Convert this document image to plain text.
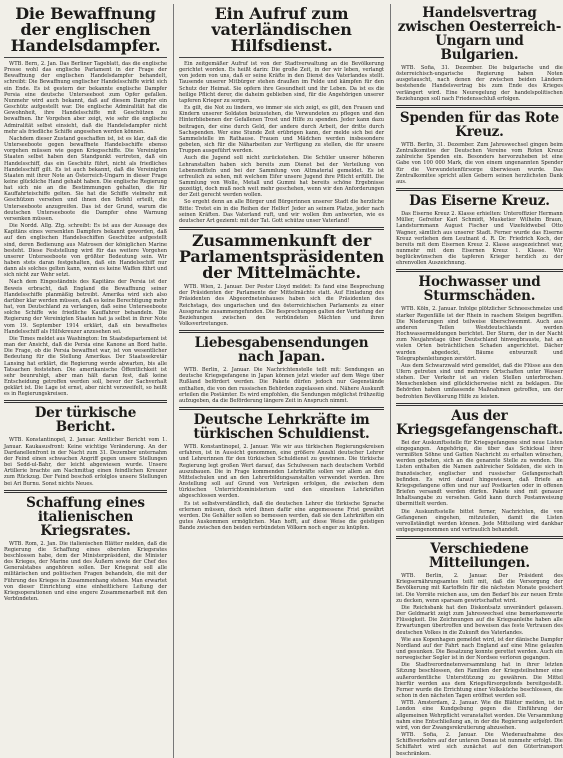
Die Bewaffnung der englischen Handelsdampfer.

WTB. Bern, 2. Jan. Das Berliner Tageblatt, das die englische Presse wohl das englische Parlament in der Frage der Bewaffnung der englischen Handelsdampfer behandelt, schreibt: Die Bewaffnung englischer Handelsschiffe wirkt sich ein Ende. Es ist gestern der bekannte englische Dampfer Persia eine deutsche Unterseeboot zum Opfer gefallen. Nunmehr wird auch bekannt, daß auf diesem Dampfer ein Geschütz aufgestellt war. Die englische Admiralität hat die Gewohnheit, ihre Handelsschiffe mit Geschützen zu bewaffnen. Ihr Vorgehen aber zeigt, wie sehr die englische Admiralität selbst einsieht, daß die Handelsdampfer nicht mehr als friedliche Schiffe angesehen werden können.

Nachdem dieser Zustand geschaffen ist, ist es klar, daß die Unterseeboote gegen bewaffnete Handelsschiffe ebenso vorgehen müssen wie gegen Kriegsschiffe. Die Vereinigten Staaten selbst haben den Standpunkt vertreten, daß ein Handelsschiff, das ein Geschütz führt, nicht als friedliches Handelsschiff gilt. Es ist auch bekannt, daß die Vereinigten Staaten mit ihrer Note an Österreich-Ungarn in dieser Frage keine glückliche Hand gehabt haben. Die englische Regierung hat sich nie an die Bestimmungen gehalten, die für Kauffahrteischiffe gelten. Sie hat die Schiffe vielmehr mit Geschützen versehen und ihnen den Befehl erteilt, die Unterseeboote anzugreifen. Das ist der Grund, warum die deutschen Unterseeboote die Dampfer ohne Warnung versenken müssen.

Die Nordd. Allg. Ztg. schreibt: Es ist aus der Aussage des Kapitäns eines versenkten Dampfers bekannt geworden, daß auf den englischen Handelsschiffen Geschütze aufgestellt sind, deren Bedienung aus Matrosen der königlichen Marine besteht. Diese Feststellung wird für das weitere Vorgehen unserer Unterseeboote von größter Bedeutung sein. Wir haben stets daran festgehalten, daß ein Handelsschiff nur dann als solches gelten kann, wenn es keine Waffen führt und sich nicht zur Wehr setzt.

Nach dem Eingeständnis des Kapitäns der Persia ist der Beweis erbracht, daß England die Bewaffnung seiner Handelsschiffe planmäßig betreibt. Amerika wird sich also darüber klar werden müssen, daß es keine Berechtigung mehr hat, von Deutschland zu verlangen, daß seine Unterseeboote solche Schiffe wie friedliche Kauffahrer behandeln. Die Regierung der Vereinigten Staaten hat ja selbst in ihrer Note vom 19. September 1914 erklärt, daß ein bewaffnetes Handelsschiff als Hilfskreuzer anzusehen sei.

Die Times meldet aus Washington: Im Staatsdepartement ist man der Ansicht, daß die Persia eine Kanone an Bord hatte. Die Frage, ob die Persia bewaffnet war, ist von wesentlicher Bedeutung für die Stellung Amerikas. Der Staatssekretär Lansing hat erklärt, die Regierung werde abwarten, bis alle Tatsachen feststehen. Die amerikanische Öffentlichkeit ist sehr beunruhigt, aber man hält daran fest, daß keine Entscheidung getroffen werden soll, bevor der Sachverhalt geklärt ist. Die Lage ist ernst, aber nicht verzweifelt, so heißt es in Regierungskreisen.

Der türkische Bericht.

WTB. Konstantinopel, 2. Januar. Amtlicher Bericht vom 1. Januar. Kaukasusfront: Keine wichtige Veränderung. An der Dardanellenfront in der Nacht zum 31. Dezember unternahm der Feind einen schwachen Angriff gegen unsere Stellungen bei Sedd-ul-Bahr, der leicht abgewiesen wurde. Unsere Artillerie brachte am Nachmittag einen feindlichen Kreuzer zum Rückzug. Der Feind beschoß erfolglos unsere Stellungen bei Ari Burnu. Sonst nichts Neues.

Schaffung eines italienischen Kriegsrates.

WTB. Rom, 2. Jan. Die italienischen Blätter melden, daß die Regierung die Schaffung eines obersten Kriegsrates beschlossen habe, dem der Ministerpräsident, die Minister des Krieges, der Marine und des Äußern sowie der Chef des Generalstabes angehören sollen. Der Kriegsrat soll alle militärischen und politischen Fragen behandeln, die mit der Führung des Krieges in Zusammenhang stehen. Man erwartet von dieser Einrichtung eine einheitlichere Leitung der Kriegsoperationen und eine engere Zusammenarbeit mit den Verbündeten.

Ein Aufruf zum vaterländischen Hilfsdienst.

Ein zeitgemäßer Aufruf ist von der Stadtverwaltung an die Bevölkerung gerichtet worden. Es heißt darin: Die große Zeit, in der wir leben, verlangt von jedem von uns, daß er seine Kräfte in den Dienst des Vaterlandes stellt. Tausende unserer Mitbürger stehen draußen im Felde und kämpfen für den Schutz der Heimat. Sie opfern ihre Gesundheit und ihr Leben. Da ist es die heilige Pflicht derer, die daheim geblieben sind, für die Angehörigen unserer tapferen Krieger zu sorgen.

Es gilt, die Not zu lindern, wo immer sie sich zeigt, es gilt, den Frauen und Kindern unserer Soldaten beizustehen, die Verwundeten zu pflegen und den Hinterbliebenen der Gefallenen Trost und Hilfe zu spenden. Jeder kann dazu beitragen, der eine durch Geld, der andere durch Arbeit, der dritte durch Sachspenden. Wer eine Stunde Zeit erübrigen kann, der melde sich bei der Sammelstelle im Rathause. Frauen und Mädchen werden insbesondere gebeten, sich für die Näharbeiten zur Verfügung zu stellen, die für unsere Truppen ausgeführt werden.

Auch die Jugend soll nicht zurückstehen. Die Schüler unserer höheren Lehranstalten haben sich bereits zum Dienst bei der Verteilung von Lebensmitteln und bei der Sammlung von Altmaterial gemeldet. Es ist erfreulich zu sehen, mit welchem Eifer unsere Jugend ihre Pflicht erfüllt. Die Sammlung von Wolle, Metall und Gummi hat bereits schöne Ergebnisse gezeitigt, doch muß noch weit mehr geschehen, wenn wir den Anforderungen der Zeit gerecht werden wollen.

So ergeht denn an alle Bürger und Bürgerinnen unserer Stadt die herzliche Bitte: Tretet ein in die Reihen der Helfer! Jeder an seinem Platze, jeder nach seinen Kräften. Das Vaterland ruft, und wir wollen ihm antworten, wie es deutscher Art geziemt: mit der Tat. Gott schütze unser Vaterland!

Zusammenkunft der Parlamentspräsidenten der Mittelmächte.

WTB. Wien, 2. Januar. Der Pester Lloyd meldet: Es fand eine Besprechung der Präsidenten der Parlamente der Mittelmächte statt. Auf Einladung des Präsidenten des Abgeordnetenhauses haben sich die Präsidenten des Reichstags, des ungarischen und des österreichischen Parlaments zu einer Aussprache zusammengefunden. Die Besprechungen galten der Vertiefung der Beziehungen zwischen den verbündeten Mächten und ihren Volksvertretungen.

Liebesgabensendungen nach Japan.

WTB. Berlin, 2. Januar. Die Nachrichtenstelle teilt mit: Sendungen an deutsche Kriegsgefangene in Japan können jetzt wieder auf dem Wege über Rußland befördert werden. Die Pakete dürfen jedoch nur Gegenstände enthalten, die von den russischen Behörden zugelassen sind. Nähere Auskunft erteilen die Postämter. Es wird empfohlen, die Sendungen möglichst frühzeitig aufzugeben, da die Beförderung längere Zeit in Anspruch nimmt.

Deutsche Lehrkräfte im türkischen Schuldienst.

WTB. Konstantinopel, 2. Januar. Wie wir aus türkischen Regierungskreisen erfahren, ist in Aussicht genommen, eine größere Anzahl deutscher Lehrer und Lehrerinnen für den türkischen Schuldienst zu gewinnen. Die türkische Regierung legt großen Wert darauf, das Schulwesen nach deutschem Vorbild auszubauen. Die in Frage kommenden Lehrkräfte sollen vor allem an den Mittelschulen und an den Lehrerbildungsanstalten verwendet werden. Ihre Anstellung soll auf Grund von Verträgen erfolgen, die zwischen dem türkischen Unterrichtsministerium und den einzelnen Lehrkräften abgeschlossen werden.

Es ist selbstverständlich, daß die deutschen Lehrer die türkische Sprache erlernen müssen, doch wird ihnen dafür eine angemessene Frist gewährt werden. Die Gehälter sollen so bemessen werden, daß sie den Lehrkräften ein gutes Auskommen ermöglichen. Man hofft, auf diese Weise die geistigen Bande zwischen den beiden verbündeten Völkern noch enger zu knüpfen.

Handelsvertrag zwischen Oesterreich-Ungarn und Bulgarien.

WTB. Sofia, 31. Dezember. Die bulgarische und die österreichisch-ungarische Regierung haben Noten ausgetauscht, nach denen der zwischen beiden Ländern bestehende Handelsvertrag bis zum Ende des Krieges verlängert wird. Eine Neuregelung der handelspolitischen Beziehungen soll nach Friedensschluß erfolgen.

Spenden für das Rote Kreuz.

WTB. Berlin, 31. Dezember. Zum Jahreswechsel gingen beim Zentralkomitee der Deutschen Vereine vom Roten Kreuz zahlreiche Spenden ein. Besonders hervorzuheben ist eine Gabe von 100 000 Mark, die von einem ungenannten Spender für die Verwundetenfürsorge überwiesen wurde. Das Zentralkomitee spricht allen Gebern seinen herzlichsten Dank aus.

Das Eiserne Kreuz.

Das Eiserne Kreuz 2. Klasse erhielten: Unteroffizier Hermann Müller, Gefreiter Karl Schmidt, Musketier Wilhelm Braun, Landsturmmann August Fischer und Vizefeldwebel Otto Wagner, sämtlich aus unserer Stadt. Ferner wurde das Eiserne Kreuz verliehen dem Leutnant d. R. Dr. Friedrich Koch, der bereits mit dem Eisernen Kreuz 2. Klasse ausgezeichnet war, nunmehr mit dem Eisernen Kreuz 1. Klasse. Wir beglückwünschen die tapferen Krieger herzlich zu der ehrenvollen Auszeichnung.

Hochwasser und Sturmschäden.

WTB. Köln, 2. Januar. Infolge plötzlicher Schneeschmelze und starker Regenfälle ist der Rhein in raschem Steigen begriffen. Die Niederungen sind teilweise überschwemmt. Auch aus anderen Teilen Westdeutschlands werden Hochwassermeldungen berichtet. Der Sturm, der in der Nacht zum Neujahrstage über Deutschland hinwegbrauste, hat an vielen Orten beträchtlichen Schaden angerichtet. Dächer wurden abgedeckt, Bäume entwurzelt und Telegraphenleitungen zerstört.

Aus dem Schwarzwald wird gemeldet, daß die Flüsse aus den Ufern getreten sind und mehrere Ortschaften unter Wasser stehen. Der Verkehr ist an vielen Stellen unterbrochen. Menschenleben sind glücklicherweise nicht zu beklagen. Die Behörden haben umfassende Maßnahmen getroffen, um der bedrohten Bevölkerung Hilfe zu leisten.

Aus der Kriegsgefangenschaft.

Bei der Auskunftsstelle für Kriegsgefangene sind neue Listen eingegangen. Angehörige, die über das Schicksal ihrer vermißten Söhne und Gatten Nachricht zu erhalten wünschen, werden gebeten, sich an die genannte Stelle zu wenden. Die Listen enthalten die Namen zahlreicher Soldaten, die sich in französischer, englischer und russischer Gefangenschaft befinden. Es wird darauf hingewiesen, daß Briefe an Kriegsgefangene offen und nur auf Postkarten oder in offenen Briefen versandt werden dürfen. Pakete sind mit genauer Inhaltsangabe zu versehen. Geld kann durch Postanweisung übermittelt werden.

Die Auskunftsstelle bittet ferner, Nachrichten, die von Gefangenen eingehen, mitzuteilen, damit die Listen vervollständigt werden können. Jede Mitteilung wird dankbar entgegengenommen und vertraulich behandelt.

Verschiedene Mitteilungen.

WTB. Berlin, 2. Januar. Der Präsident des Kriegsernährungsamtes teilt mit, daß die Versorgung der Bevölkerung mit Kartoffeln für die nächsten Monate gesichert ist. Die Vorräte reichen aus, um den Bedarf bis zur neuen Ernte zu decken, wenn sparsam gewirtschaftet wird.

Die Reichsbank hat den Diskontsatz unverändert gelassen. Der Geldmarkt zeigt zum Jahreswechsel eine bemerkenswerte Flüssigkeit. Die Zeichnungen auf die Kriegsanleihe haben alle Erwartungen übertroffen und beweisen das feste Vertrauen des deutschen Volkes in die Zukunft des Vaterlandes.

Wie aus Kopenhagen gemeldet wird, ist der dänische Dampfer Nordland auf der Fahrt nach England auf eine Mine gelaufen und gesunken. Die Besatzung konnte gerettet werden. Auch ein norwegischer Segler ist in der Nordsee verloren gegangen.

Die Stadtverordnetenversammlung hat in ihrer letzten Sitzung beschlossen, den Familien der Kriegsteilnehmer eine außerordentliche Unterstützung zu gewähren. Die Mittel hierfür werden aus dem Kriegsfürsorgefonds bereitgestellt. Ferner wurde die Errichtung einer Volksküche beschlossen, die schon in den nächsten Tagen eröffnet werden soll.

WTB. Amsterdam, 2. Januar. Wie die Blätter melden, ist in London eine Kundgebung gegen die Einführung der allgemeinen Wehrpflicht veranstaltet worden. Die Versammlung nahm eine Entschließung an, in der die Regierung aufgefordert wird, von der Zwangsrekrutierung abzusehen.

WTB. Sofia, 2. Januar. Die Wiederaufnahme des Schiffsverkehrs auf der unteren Donau ist nunmehr erfolgt. Die Schiffahrt wird sich zunächst auf den Gütertransport beschränken.
